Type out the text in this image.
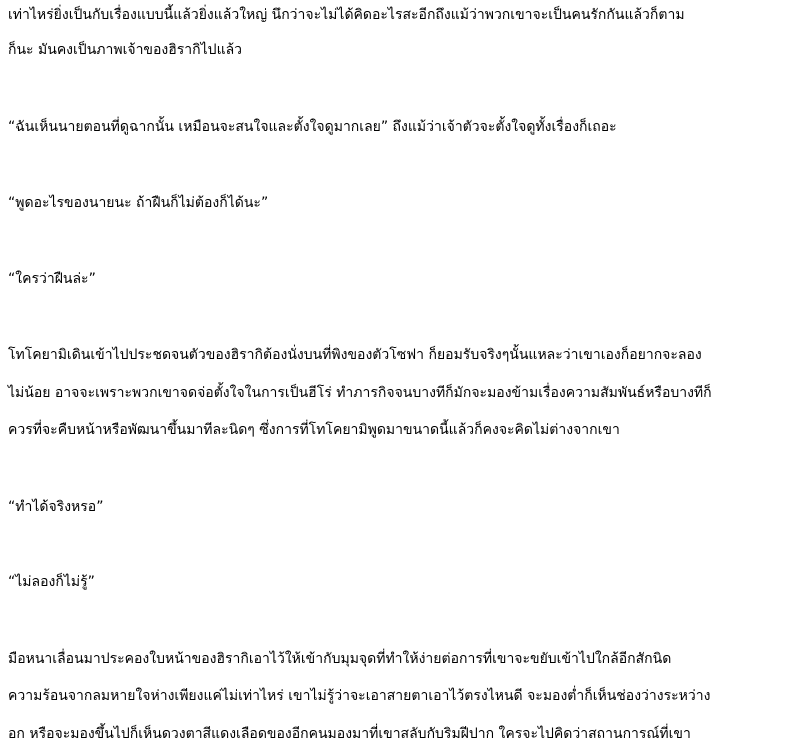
เท่าไหร่ยิ่งเป็นกับเรื่องแบบนี้แล้วยิ่งแล้วใหญ่ นึกว่าจะไม่ได้คิดอะไรสะอีกถึงแม้ว่าพวกเขาจะเป็นคนรักกันแล้วก็ตาม
ก็นะ มันคงเป็นภาพเจ้าของฮิรากิไปแล้ว
“ฉันเห็นนายตอนที่ดูฉากนั้น เหมือนจะสนใจและตั้งใจดูมากเลย” ถึงแม้ว่าเจ้าตัวจะตั้งใจดูทั้งเรื่องก็เถอะ
“พูดอะไรของนายนะ ถ้าฝืนก็ไม่ต้องก็ได้นะ”
“ใครว่าฝืนล่ะ”
โทโคยามิเดินเข้าไปประชดจนตัวของฮิรากิต้องนั่งบนที่พิงของตัวโซฟา ก็ยอมรับจริงๆนั้นแหละว่าเขาเองก็อยากจะลอง
ไม่น้อย อาจจะเพราะพวกเขาจดจ่อตั้งใจในการเป็นฮีโร่ ทำภารกิจจนบางทีก็มักจะมองข้ามเรื่องความสัมพันธ์หรือบางทีก็
ควรที่จะคืบหน้าหรือพัฒนาขึ้นมาทีละนิดๆ ซึ่งการที่โทโคยามิพูดมาขนาดนี้แล้วก็คงจะคิดไม่ต่างจากเขา
“ทำได้จริงหรอ”
“ไม่ลองก็ไม่รู้”
มือหนาเลื่อนมาประคองใบหน้าของฮิรากิเอาไว้ให้เข้ากับมุมจุดที่ทำให้ง่ายต่อการที่เขาจะขยับเข้าไปใกล้อีกสักนิด
ความร้อนจากลมหายใจห่างเพียงแค่ไม่เท่าไหร่ เขาไม่รู้ว่าจะเอาสายตาเอาไว้ตรงไหนดี จะมองต่ำก็เห็นช่องว่างระหว่าง
อก หรือจะมองขึ้นไปก็เห็นดวงตาสีแดงเลือดของอีกคนมองมาที่เขาสลับกับริมฝีปาก ใครจะไปคิดว่าสถานการณ์ที่เขา
